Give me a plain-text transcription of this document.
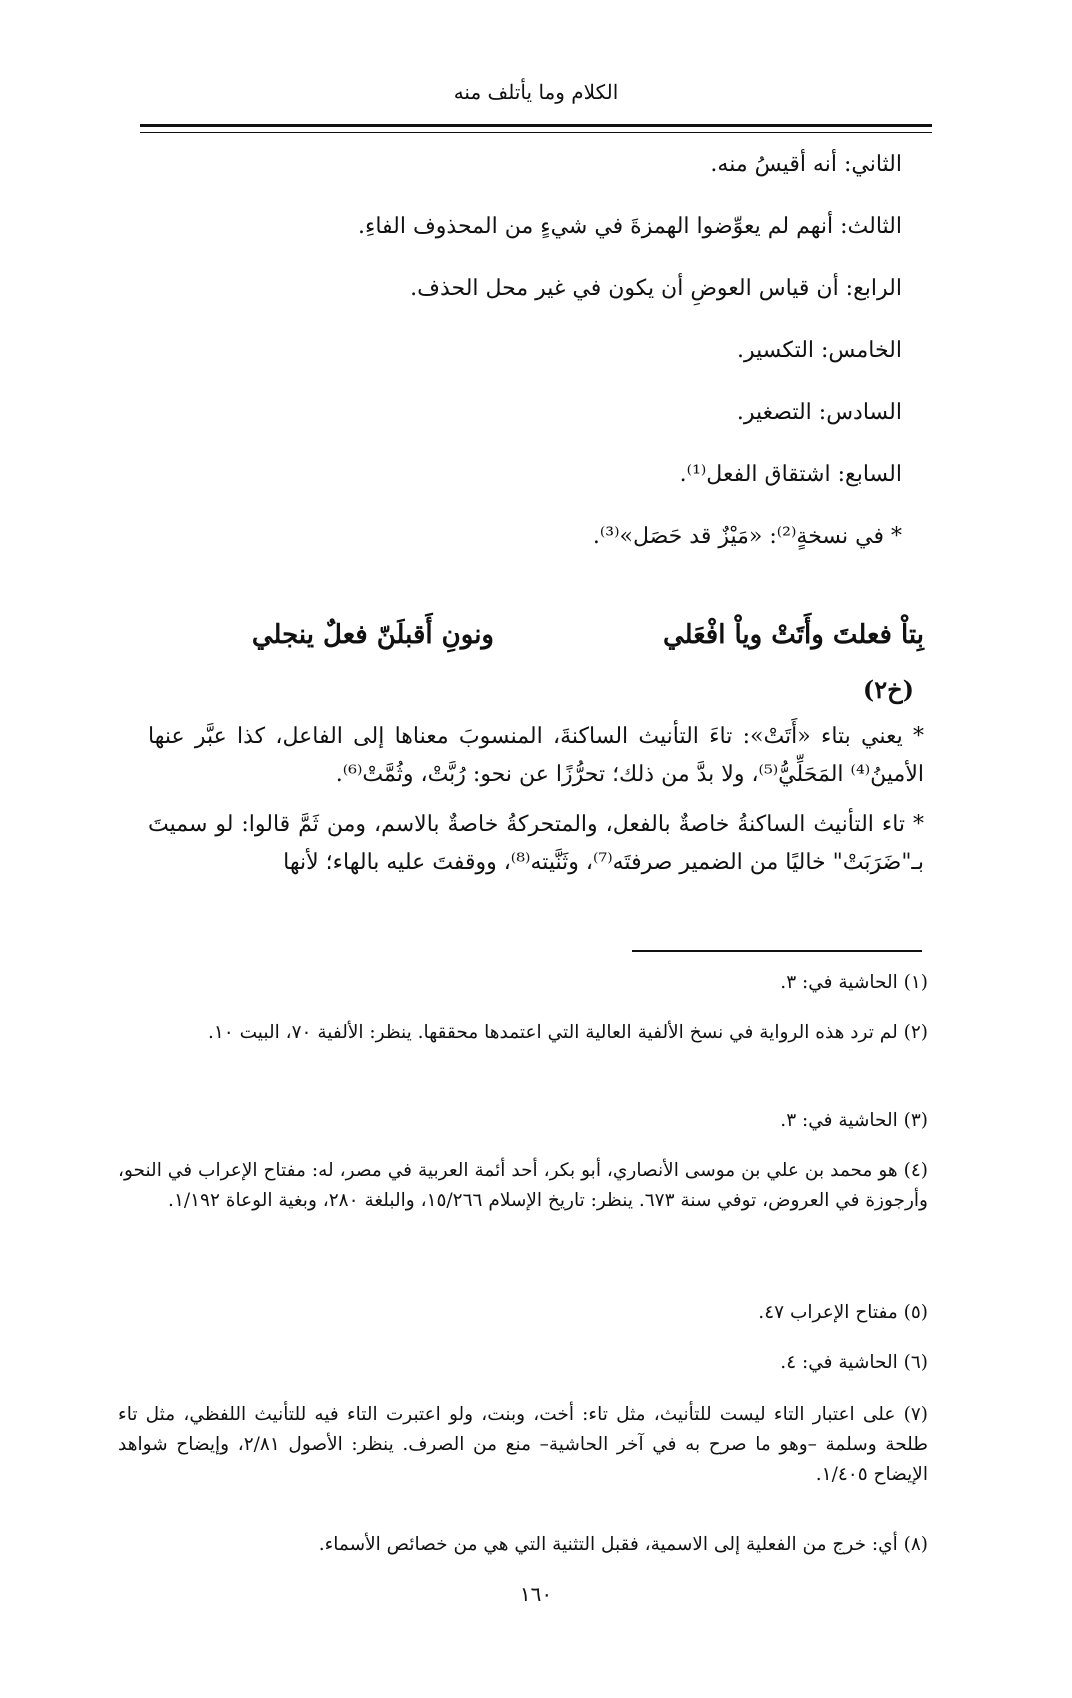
الكلام وما يأتلف منه
الثاني: أنه أقيسُ منه.
الثالث: أنهم لم يعوِّضوا الهمزةَ في شيءٍ من المحذوف الفاءِ.
الرابع: أن قياس العوضِ أن يكون في غير محل الحذف.
الخامس: التكسير.
السادس: التصغير.
السابع: اشتقاق الفعل⁽¹⁾.
* في نسخةٍ⁽²⁾: «مَيْزٌ قد حَصَل»⁽³⁾.
بِتاْ فعلتَ وأَتَتْ وياْ افْعَلي
ونونِ أَقبلَنّ فعلٌ ينجلي
(خ٢)
* يعني بتاء «أَتَتْ»: تاءَ التأنيث الساكنةَ، المنسوبَ معناها إلى الفاعل، كذا عبَّر عنها الأمينُ⁽⁴⁾ المَحَلِّيُّ⁽⁵⁾، ولا بدَّ من ذلك؛ تحرُّزًا عن نحو: رُبَّتْ، وثُمَّتْ⁽⁶⁾.
* تاء التأنيث الساكنةُ خاصةٌ بالفعل، والمتحركةُ خاصةٌ بالاسم، ومن ثَمَّ قالوا: لو سميتَ بـ"ضَرَبَتْ" خاليًا من الضمير صرفتَه⁽⁷⁾، وثَنَّيته⁽⁸⁾، ووقفتَ عليه بالهاء؛ لأنها
(١) الحاشية في: ٣.
(٢) لم ترد هذه الرواية في نسخ الألفية العالية التي اعتمدها محققها. ينظر: الألفية ٧٠، البيت ١٠.
(٣) الحاشية في: ٣.
(٤) هو محمد بن علي بن موسى الأنصاري، أبو بكر، أحد أئمة العربية في مصر، له: مفتاح الإعراب في النحو، وأرجوزة في العروض، توفي سنة ٦٧٣. ينظر: تاريخ الإسلام ١٥/٢٦٦، والبلغة ٢٨٠، وبغية الوعاة ١/١٩٢.
(٥) مفتاح الإعراب ٤٧.
(٦) الحاشية في: ٤.
(٧) على اعتبار التاء ليست للتأنيث، مثل تاء: أخت، وبنت، ولو اعتبرت التاء فيه للتأنيث اللفظي، مثل تاء طلحة وسلمة –وهو ما صرح به في آخر الحاشية– منع من الصرف. ينظر: الأصول ٢/٨١، وإيضاح شواهد الإيضاح ١/٤٠٥.
(٨) أي: خرج من الفعلية إلى الاسمية، فقبل التثنية التي هي من خصائص الأسماء.
١٦٠
